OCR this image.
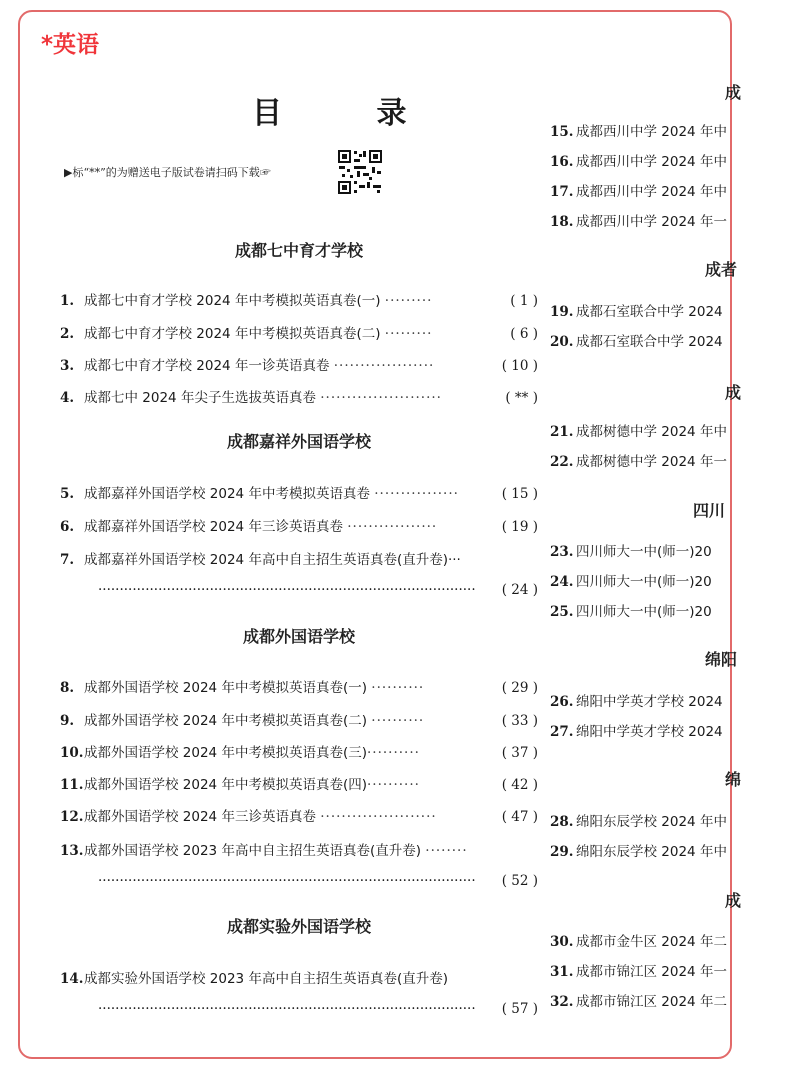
*英语
目 录
▶标“**”的为赠送电子版试卷请扫码下载☞
成都七中育才学校
1. 成都七中育才学校 2024 年中考模拟英语真卷(一) ·········	( 1 )
2. 成都七中育才学校 2024 年中考模拟英语真卷(二) ·········	( 6 )
3. 成都七中育才学校 2024 年一诊英语真卷 ···················	( 10 )
4. 成都七中 2024 年尖子生选拔英语真卷 ·······················	( ** )
成都嘉祥外国语学校
5. 成都嘉祥外国语学校 2024 年中考模拟英语真卷 ················	( 15 )
6. 成都嘉祥外国语学校 2024 年三诊英语真卷 ·················	( 19 )
7. 成都嘉祥外国语学校 2024 年高中自主招生英语真卷(直升卷)···
························································································ ( 24 )
成都外国语学校
8. 成都外国语学校 2024 年中考模拟英语真卷(一) ··········	( 29 )
9. 成都外国语学校 2024 年中考模拟英语真卷(二) ··········	( 33 )
10.成都外国语学校 2024 年中考模拟英语真卷(三)··········	( 37 )
11.成都外国语学校 2024 年中考模拟英语真卷(四)··········	( 42 )
12.成都外国语学校 2024 年三诊英语真卷 ······················	( 47 )
13.成都外国语学校 2023 年高中自主招生英语真卷(直升卷) ········
························································································ ( 52 )
成都实验外国语学校
14.成都实验外国语学校 2023 年高中自主招生英语真卷(直升卷)
························································································ ( 57 )
成
15. 成都西川中学 2024 年中
16. 成都西川中学 2024 年中
17. 成都西川中学 2024 年中
18. 成都西川中学 2024 年一
成者
19. 成都石室联合中学 2024
20. 成都石室联合中学 2024
成
21. 成都树德中学 2024 年中
22. 成都树德中学 2024 年一
四川
23. 四川师大一中(师一)20
24. 四川师大一中(师一)20
25. 四川师大一中(师一)20
绵阳
26. 绵阳中学英才学校 2024
27. 绵阳中学英才学校 2024
绵
28. 绵阳东辰学校 2024 年中
29. 绵阳东辰学校 2024 年中
成
30. 成都市金牛区 2024 年二
31. 成都市锦江区 2024 年一
32. 成都市锦江区 2024 年二
